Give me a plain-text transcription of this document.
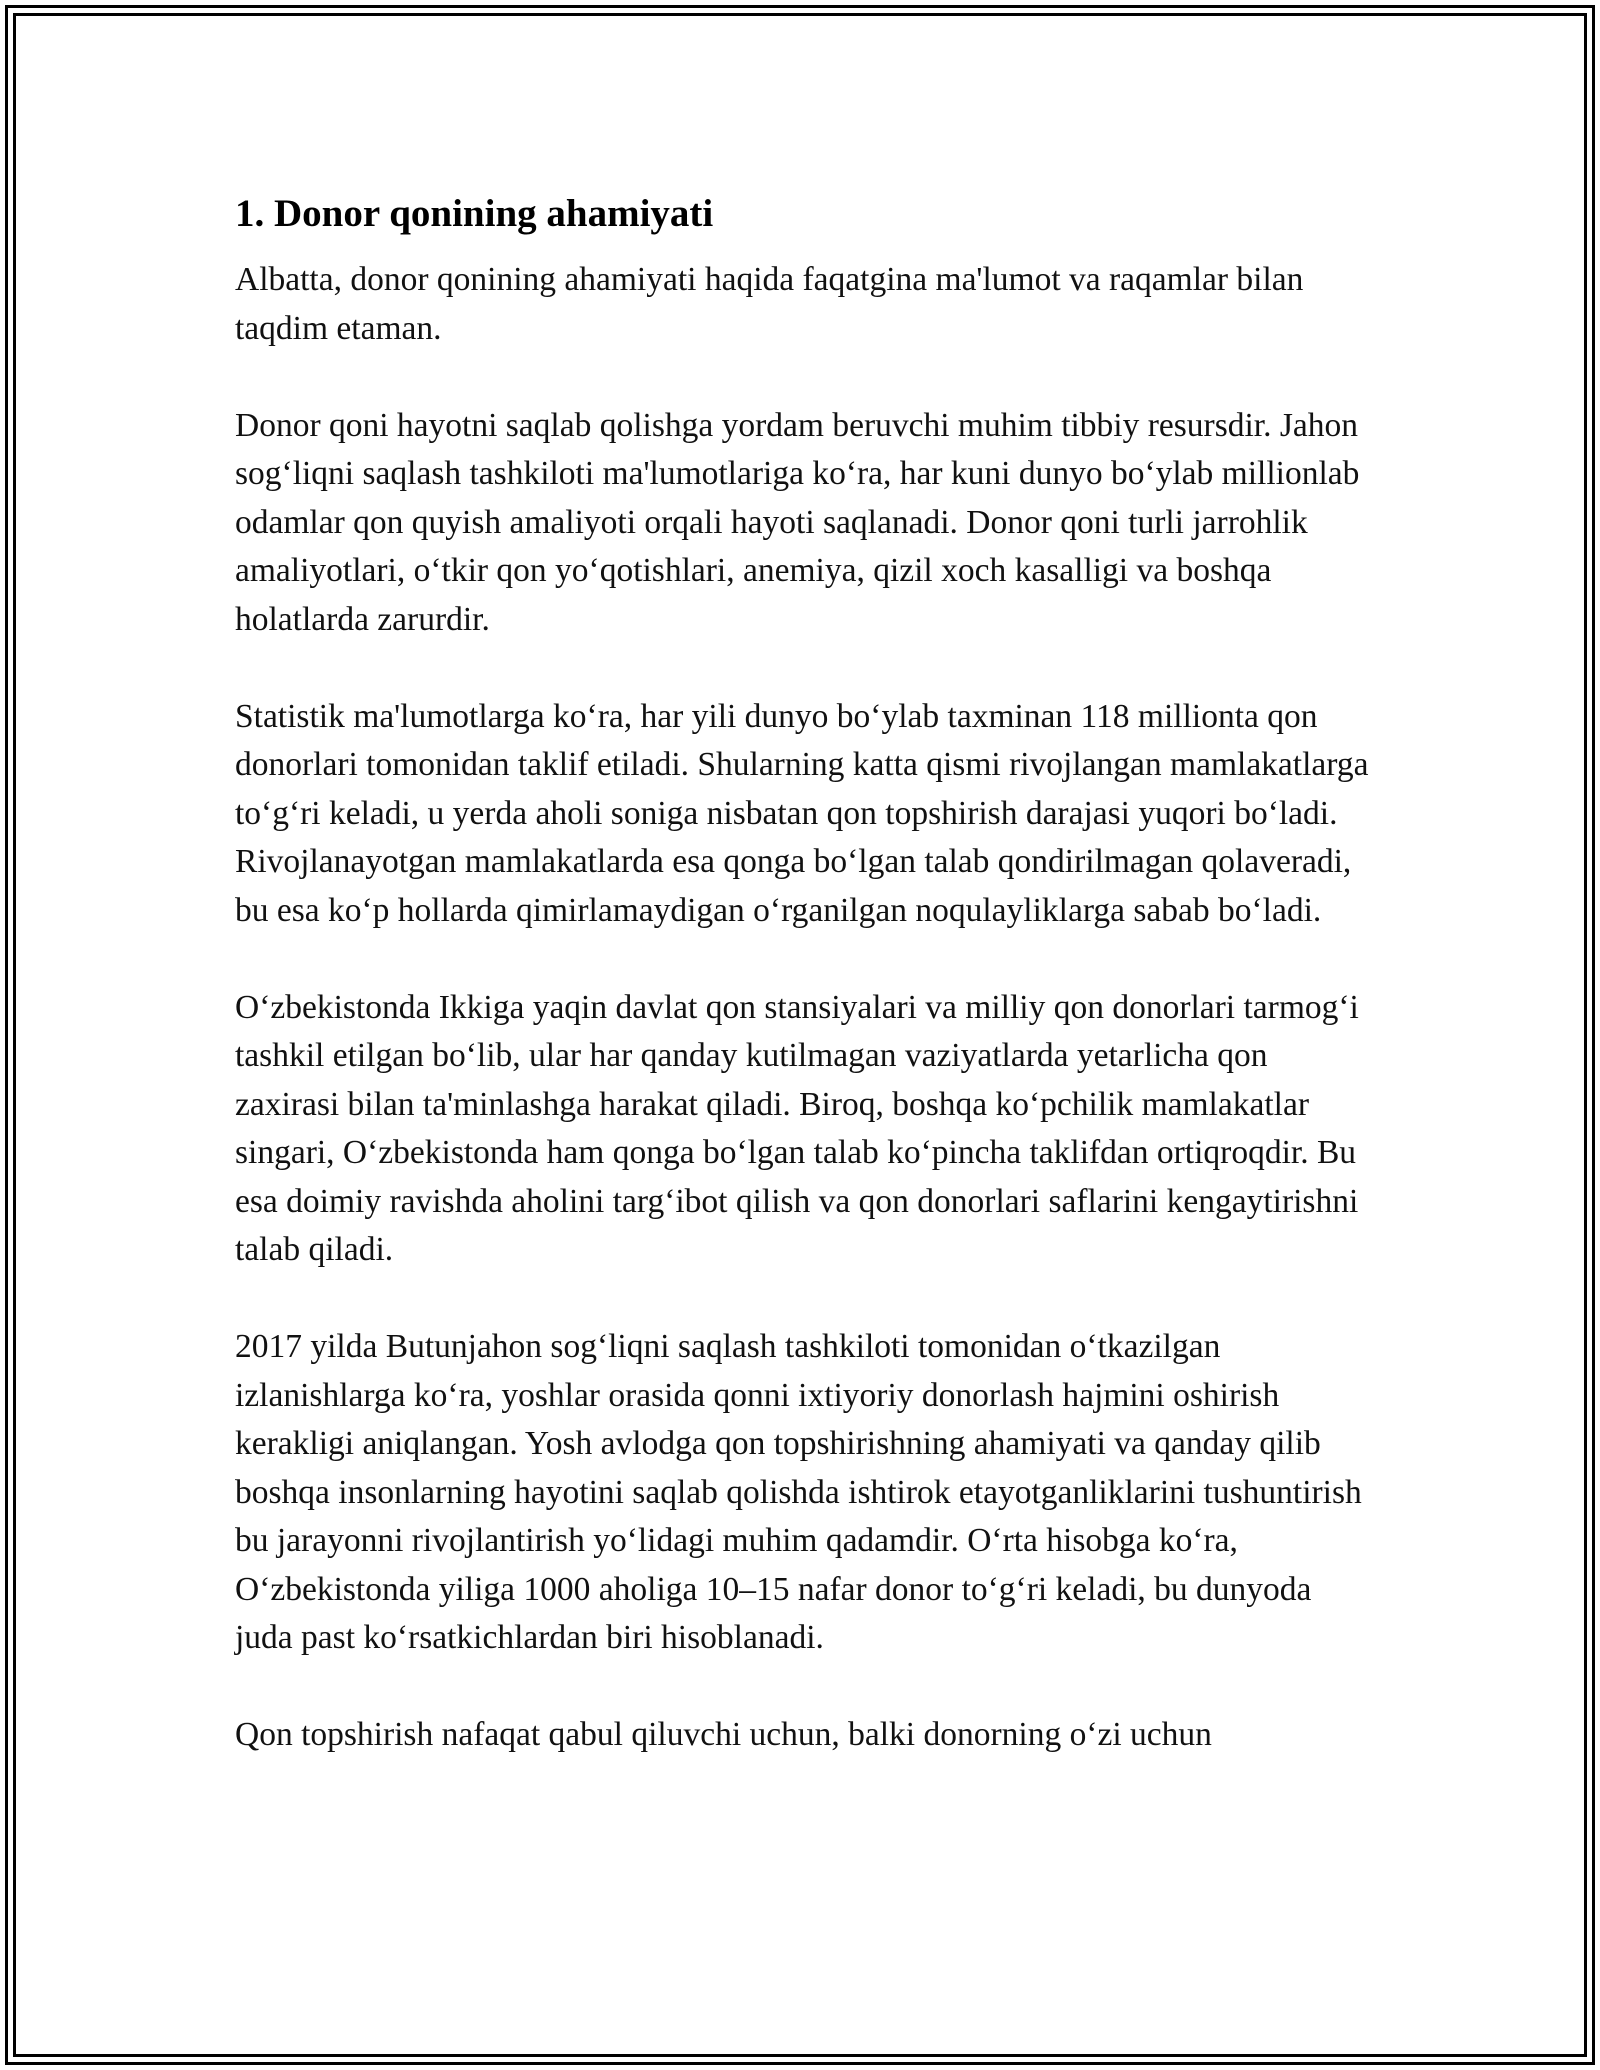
1. Donor qonining ahamiyati

Albatta, donor qonining ahamiyati haqida faqatgina ma'lumot va raqamlar bilan taqdim etaman.

Donor qoni hayotni saqlab qolishga yordam beruvchi muhim tibbiy resursdir. Jahon sog‘liqni saqlash tashkiloti ma'lumotlariga ko‘ra, har kuni dunyo bo‘ylab millionlab odamlar qon quyish amaliyoti orqali hayoti saqlanadi. Donor qoni turli jarrohlik amaliyotlari, o‘tkir qon yo‘qotishlari, anemiya, qizil xoch kasalligi va boshqa holatlarda zarurdir.

Statistik ma'lumotlarga ko‘ra, har yili dunyo bo‘ylab taxminan 118 millionta qon donorlari tomonidan taklif etiladi. Shularning katta qismi rivojlangan mamlakatlarga to‘g‘ri keladi, u yerda aholi soniga nisbatan qon topshirish darajasi yuqori bo‘ladi. Rivojlanayotgan mamlakatlarda esa qonga bo‘lgan talab qondirilmagan qolaveradi, bu esa ko‘p hollarda qimirlamaydigan o‘rganilgan noqulayliklarga sabab bo‘ladi.

O‘zbekistonda Ikkiga yaqin davlat qon stansiyalari va milliy qon donorlari tarmog‘i tashkil etilgan bo‘lib, ular har qanday kutilmagan vaziyatlarda yetarlicha qon zaxirasi bilan ta'minlashga harakat qiladi. Biroq, boshqa ko‘pchilik mamlakatlar singari, O‘zbekistonda ham qonga bo‘lgan talab ko‘pincha taklifdan ortiqroqdir. Bu esa doimiy ravishda aholini targ‘ibot qilish va qon donorlari saflarini kengaytirishni talab qiladi.

2017 yilda Butunjahon sog‘liqni saqlash tashkiloti tomonidan o‘tkazilgan izlanishlarga ko‘ra, yoshlar orasida qonni ixtiyoriy donorlash hajmini oshirish kerakligi aniqlangan. Yosh avlodga qon topshirishning ahamiyati va qanday qilib boshqa insonlarning hayotini saqlab qolishda ishtirok etayotganliklarini tushuntirish bu jarayonni rivojlantirish yo‘lidagi muhim qadamdir. O‘rta hisobga ko‘ra, O‘zbekistonda yiliga 1000 aholiga 10–15 nafar donor to‘g‘ri keladi, bu dunyoda juda past ko‘rsatkichlardan biri hisoblanadi.

Qon topshirish nafaqat qabul qiluvchi uchun, balki donorning o‘zi uchun
